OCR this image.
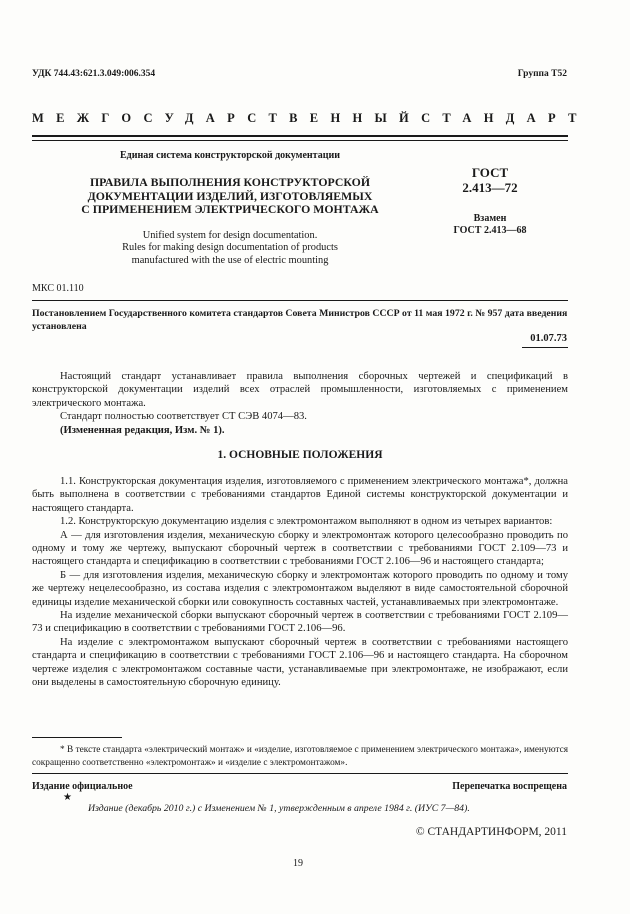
УДК 744.43:621.3.049:006.354	Группа Т52
МЕЖГОСУДАРСТВЕННЫЙ СТАНДАРТ
Единая система конструкторской документации
ПРАВИЛА ВЫПОЛНЕНИЯ КОНСТРУКТОРСКОЙ
ДОКУМЕНТАЦИИ ИЗДЕЛИЙ, ИЗГОТОВЛЯЕМЫХ
С ПРИМЕНЕНИЕМ ЭЛЕКТРИЧЕСКОГО МОНТАЖА
Unified system for design documentation.
Rules for making design documentation of products
manufactured with the use of electric mounting
ГОСТ
2.413—72
Взамен
ГОСТ 2.413—68
МКС 01.110
Постановлением Государственного комитета стандартов Совета Министров СССР от 11 мая 1972 г. № 957 дата введения установлена
01.07.73

Настоящий стандарт устанавливает правила выполнения сборочных чертежей и спецификаций в конструкторской документации изделий всех отраслей промышленности, изготовляемых с применением электрического монтажа.

Стандарт полностью соответствует СТ СЭВ 4074—83.

(Измененная редакция, Изм. № 1).

1. ОСНОВНЫЕ ПОЛОЖЕНИЯ

1.1. Конструкторская документация изделия, изготовляемого с применением электрического монтажа*, должна быть выполнена в соответствии с требованиями стандартов Единой системы конструкторской документации и настоящего стандарта.

1.2. Конструкторскую документацию изделия с электромонтажом выполняют в одном из четырех вариантов:

А — для изготовления изделия, механическую сборку и электромонтаж которого целесообразно проводить по одному и тому же чертежу, выпускают сборочный чертеж в соответствии с требованиями ГОСТ 2.109—73 и настоящего стандарта и спецификацию в соответствии с требованиями ГОСТ 2.106—96 и настоящего стандарта;

Б — для изготовления изделия, механическую сборку и электромонтаж которого проводить по одному и тому же чертежу нецелесообразно, из состава изделия с электромонтажом выделяют в виде самостоятельной сборочной единицы изделие механической сборки или совокупность составных частей, устанавливаемых при электромонтаже.

На изделие механической сборки выпускают сборочный чертеж в соответствии с требованиями ГОСТ 2.109—73 и спецификацию в соответствии с требованиями ГОСТ 2.106—96.

На изделие с электромонтажом выпускают сборочный чертеж в соответствии с требованиями настоящего стандарта и спецификацию в соответствии с требованиями ГОСТ 2.106—96 и настоящего стандарта. На сборочном чертеже изделия с электромонтажом составные части, устанавливаемые при электромонтаже, не изображают, если они выделены в самостоятельную сборочную единицу.

* В тексте стандарта «электрический монтаж» и «изделие, изготовляемое с применением электрического монтажа», именуются сокращенно соответственно «электромонтаж» и «изделие с электромонтажом».
Издание официальное
★
Перепечатка воспрещена
Издание (декабрь 2010 г.) с Изменением № 1, утвержденным в апреле 1984 г. (ИУС 7—84).
© СТАНДАРТИНФОРМ, 2011
19
